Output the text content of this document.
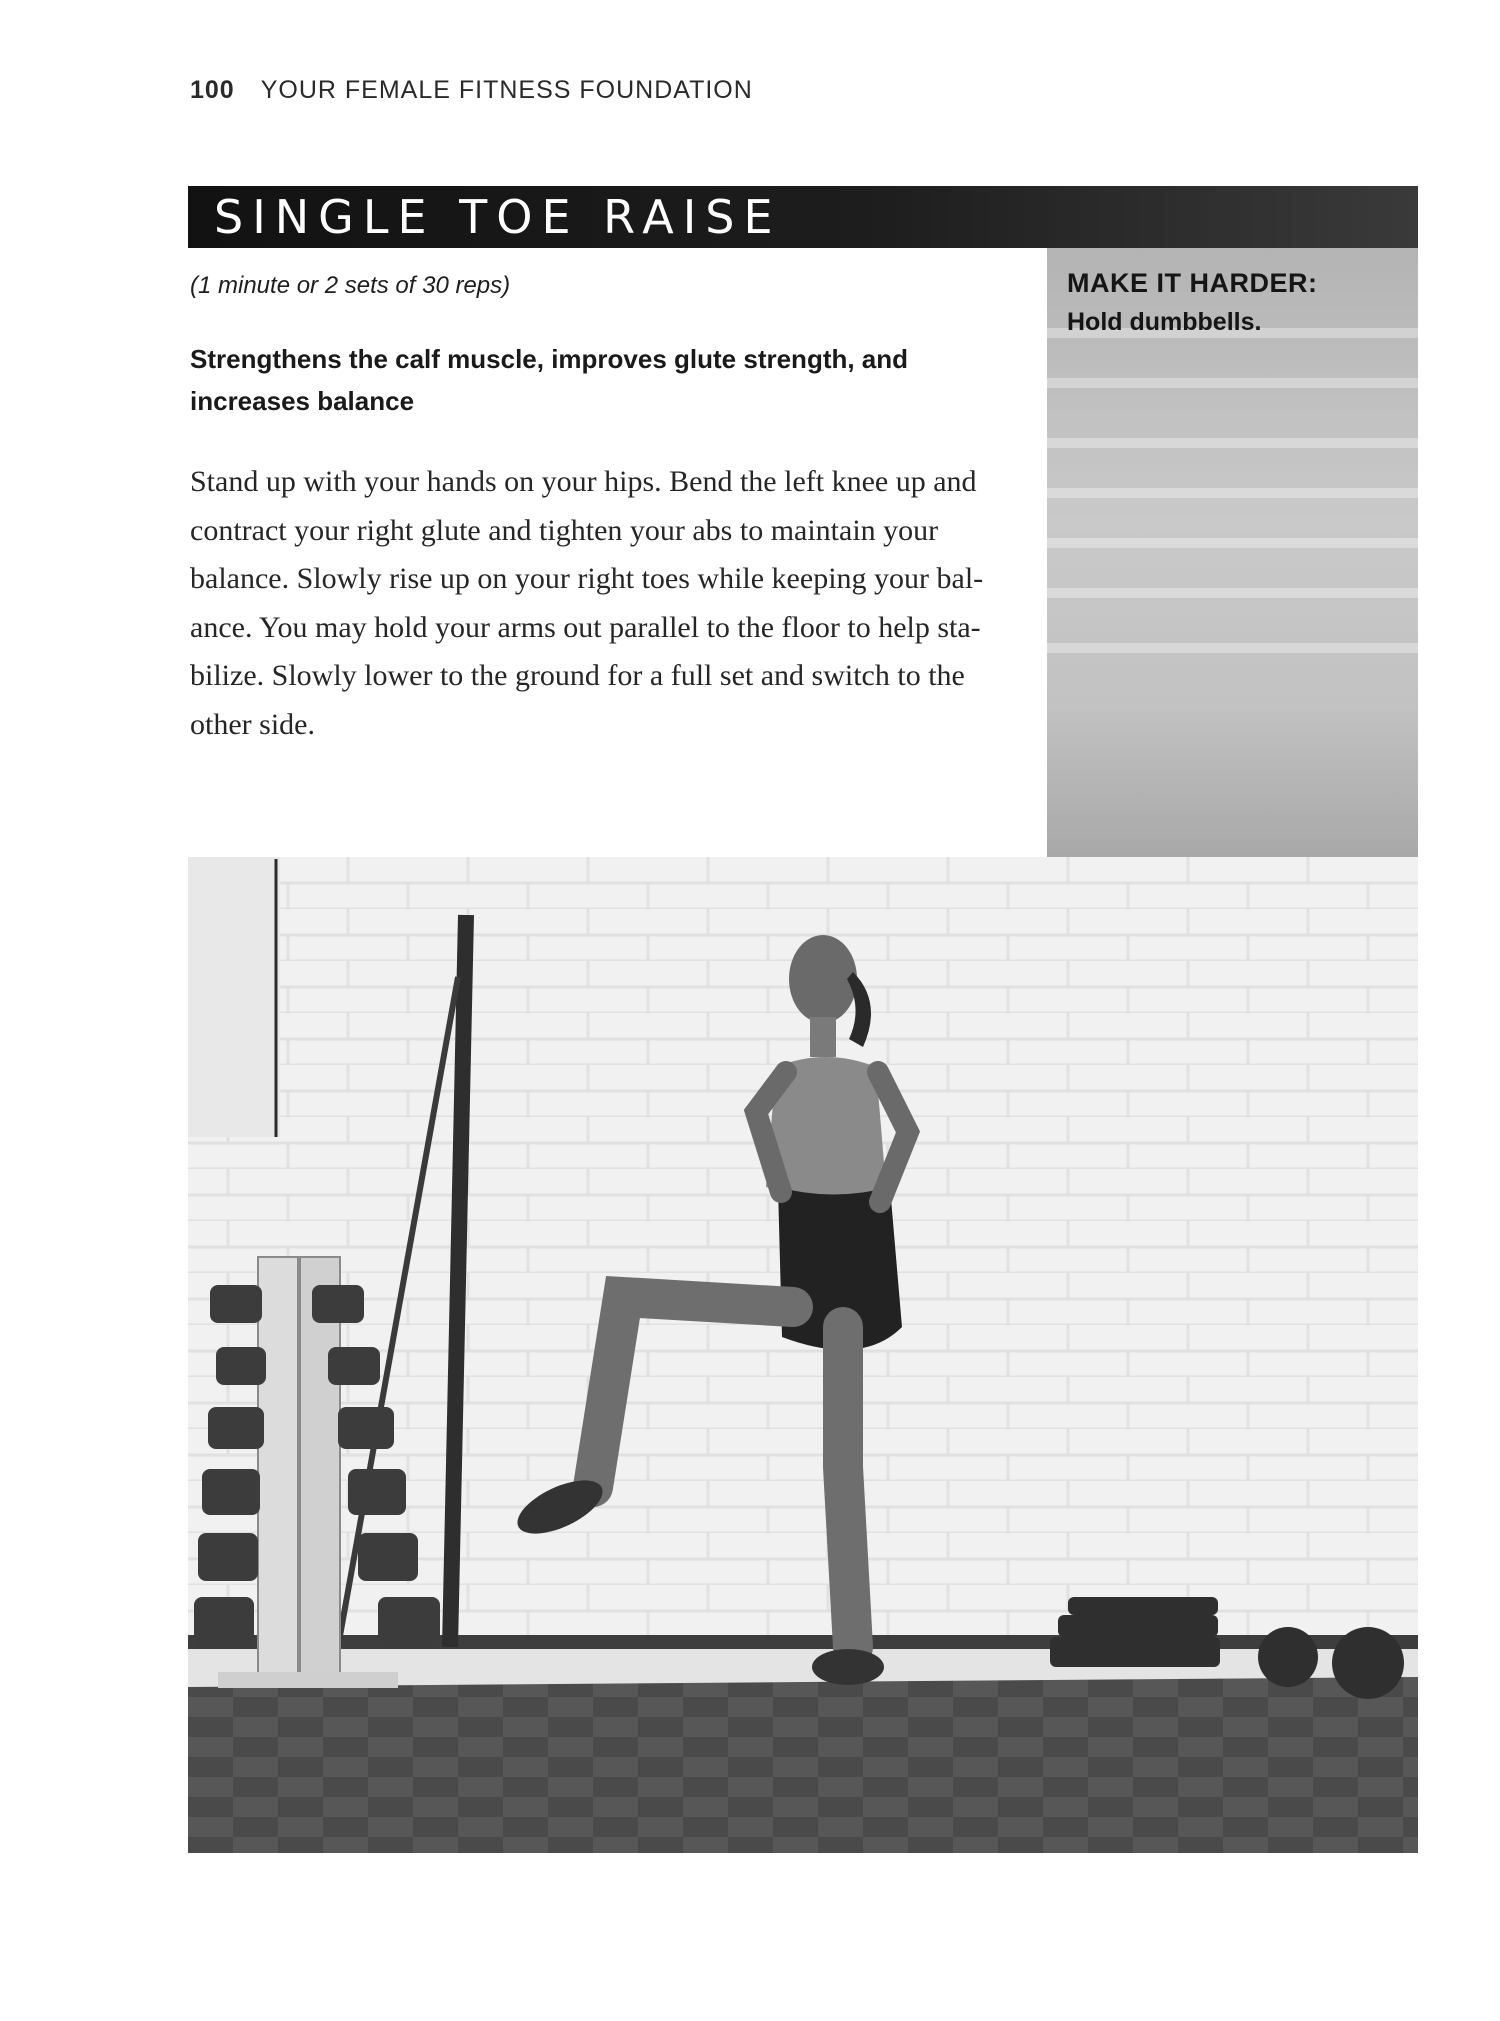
100 YOUR FEMALE FITNESS FOUNDATION
SINGLE TOE RAISE
MAKE IT HARDER:
Hold dumbbells.
(1 minute or 2 sets of 30 reps)
Strengthens the calf muscle, improves glute strength, and
increases balance
Stand up with your hands on your hips. Bend the left knee up and
contract your right glute and tighten your abs to maintain your
balance. Slowly rise up on your right toes while keeping your bal-
ance. You may hold your arms out parallel to the floor to help sta-
bilize. Slowly lower to the ground for a full set and switch to the
other side.
